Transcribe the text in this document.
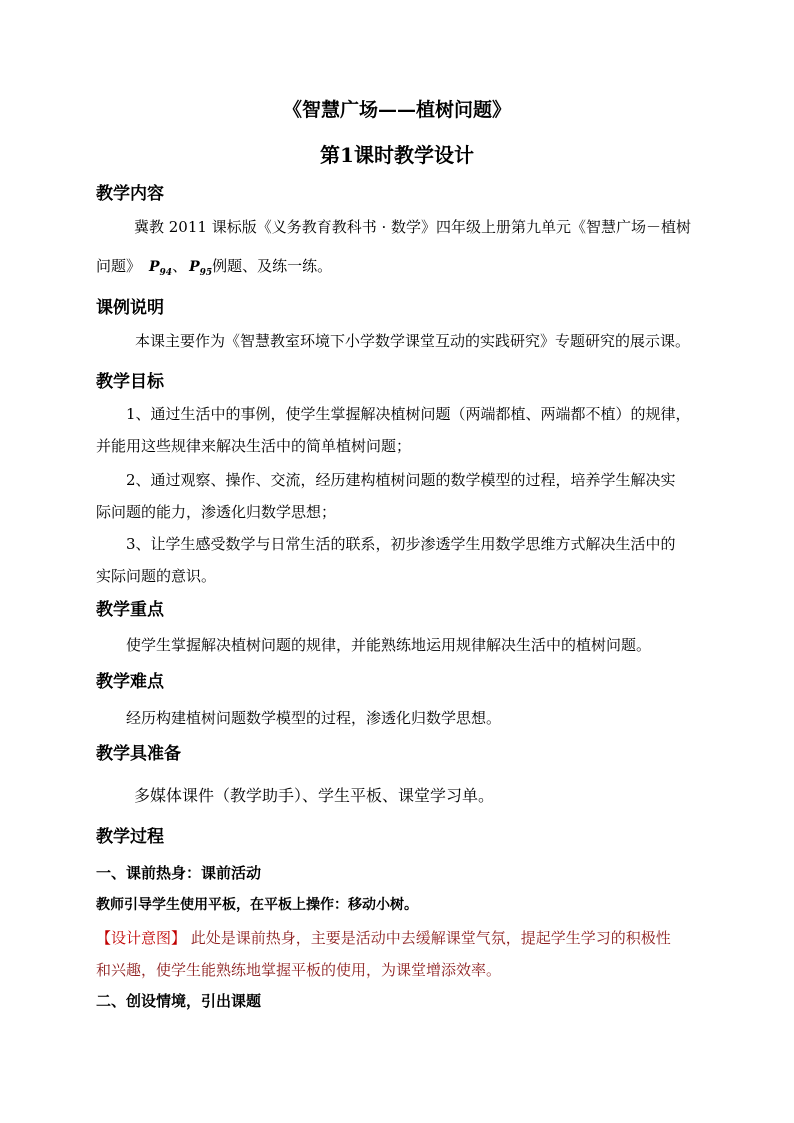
《智慧广场——植树问题》
第1课时教学设计
教学内容

冀教 2011 课标版《义务教育教科书 · 数学》四年级上册第九单元《智慧广场－植树

问题》 $P_{94}$、 $P_{95}$例题、及练一练。

课例说明

本课主要作为《智慧教室环境下小学数学课堂互动的实践研究》专题研究的展示课。

教学目标

1、通过生活中的事例，使学生掌握解决植树问题（两端都植、两端都不植）的规律，

并能用这些规律来解决生活中的简单植树问题；

2、通过观察、操作、交流，经历建构植树问题的数学模型的过程，培养学生解决实

际问题的能力，渗透化归数学思想；

3、让学生感受数学与日常生活的联系，初步渗透学生用数学思维方式解决生活中的

实际问题的意识。

教学重点

使学生掌握解决植树问题的规律，并能熟练地运用规律解决生活中的植树问题。

教学难点

经历构建植树问题数学模型的过程，渗透化归数学思想。

教学具准备

多媒体课件（教学助手）、学生平板、课堂学习单。

教学过程

一、课前热身：课前活动

教师引导学生使用平板，在平板上操作：移动小树。

【设计意图】 此处是课前热身，主要是活动中去缓解课堂气氛，提起学生学习的积极性

和兴趣，使学生能熟练地掌握平板的使用，为课堂增添效率。

二、创设情境，引出课题
